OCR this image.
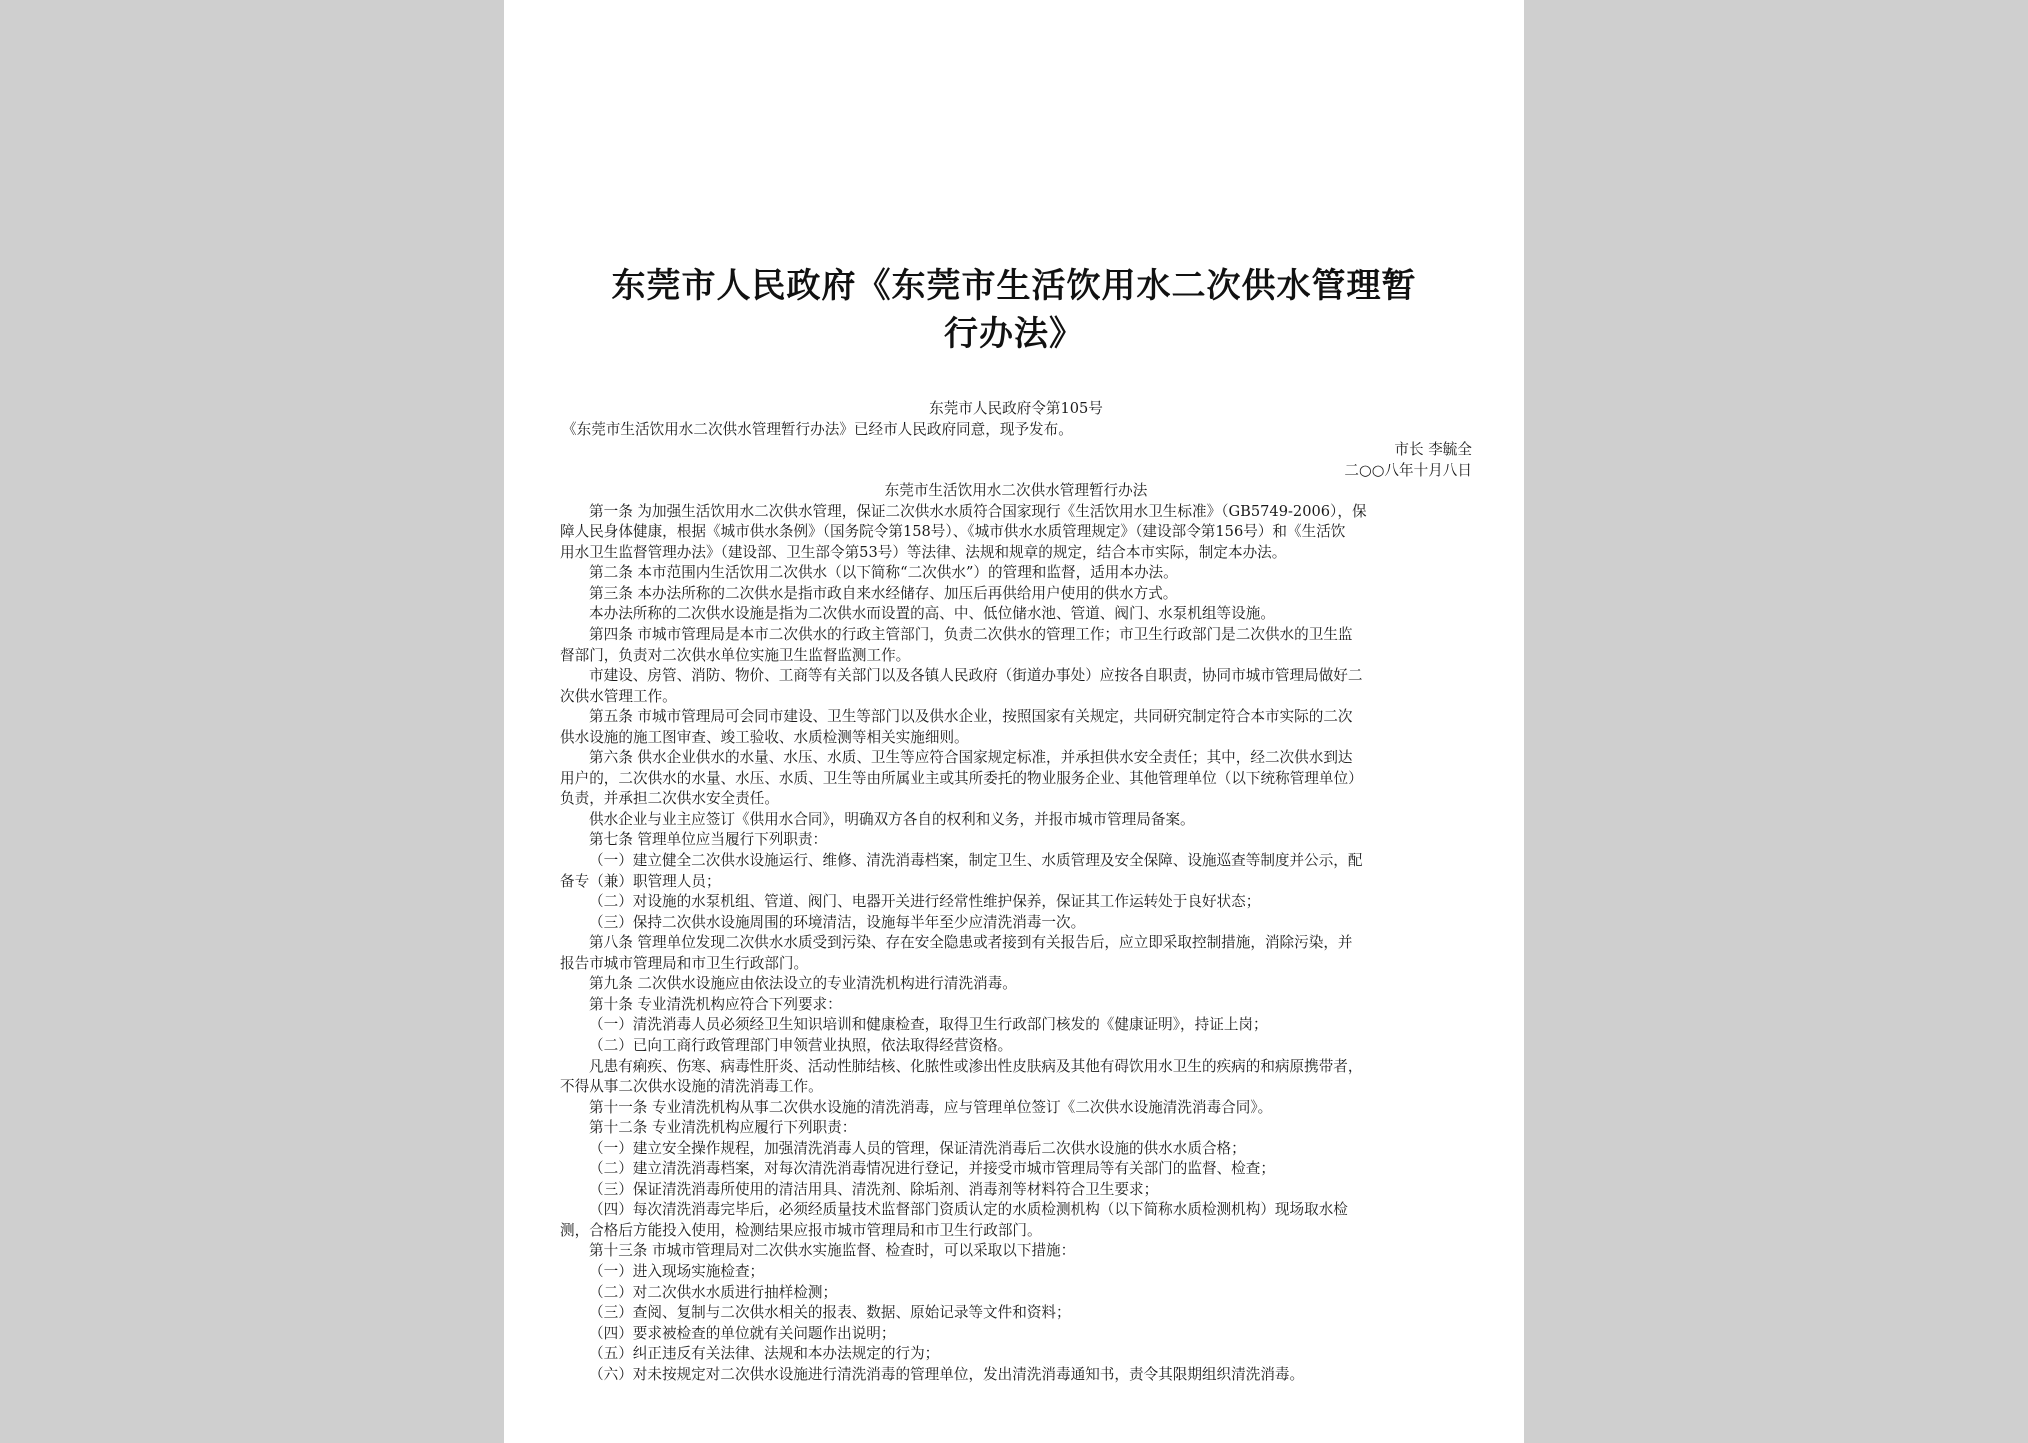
东莞市人民政府《东莞市生活饮用水二次供水管理暂
行办法》
东莞市人民政府令第105号
《东莞市生活饮用水二次供水管理暂行办法》已经市人民政府同意，现予发布。
市长 李毓全
二○○八年十月八日
东莞市生活饮用水二次供水管理暂行办法
第一条 为加强生活饮用水二次供水管理，保证二次供水水质符合国家现行《生活饮用水卫生标准》（GB5749-2006），保
障人民身体健康，根据《城市供水条例》（国务院令第158号）、《城市供水水质管理规定》（建设部令第156号）和《生活饮
用水卫生监督管理办法》（建设部、卫生部令第53号）等法律、法规和规章的规定，结合本市实际，制定本办法。
第二条 本市范围内生活饮用二次供水（以下简称“二次供水”）的管理和监督，适用本办法。
第三条 本办法所称的二次供水是指市政自来水经储存、加压后再供给用户使用的供水方式。
本办法所称的二次供水设施是指为二次供水而设置的高、中、低位储水池、管道、阀门、水泵机组等设施。
第四条 市城市管理局是本市二次供水的行政主管部门，负责二次供水的管理工作；市卫生行政部门是二次供水的卫生监
督部门，负责对二次供水单位实施卫生监督监测工作。
市建设、房管、消防、物价、工商等有关部门以及各镇人民政府（街道办事处）应按各自职责，协同市城市管理局做好二
次供水管理工作。
第五条 市城市管理局可会同市建设、卫生等部门以及供水企业，按照国家有关规定，共同研究制定符合本市实际的二次
供水设施的施工图审查、竣工验收、水质检测等相关实施细则。
第六条 供水企业供水的水量、水压、水质、卫生等应符合国家规定标准，并承担供水安全责任；其中，经二次供水到达
用户的，二次供水的水量、水压、水质、卫生等由所属业主或其所委托的物业服务企业、其他管理单位（以下统称管理单位）
负责，并承担二次供水安全责任。
供水企业与业主应签订《供用水合同》，明确双方各自的权利和义务，并报市城市管理局备案。
第七条 管理单位应当履行下列职责：
（一）建立健全二次供水设施运行、维修、清洗消毒档案，制定卫生、水质管理及安全保障、设施巡查等制度并公示，配
备专（兼）职管理人员；
（二）对设施的水泵机组、管道、阀门、电器开关进行经常性维护保养，保证其工作运转处于良好状态；
（三）保持二次供水设施周围的环境清洁，设施每半年至少应清洗消毒一次。
第八条 管理单位发现二次供水水质受到污染、存在安全隐患或者接到有关报告后，应立即采取控制措施，消除污染，并
报告市城市管理局和市卫生行政部门。
第九条 二次供水设施应由依法设立的专业清洗机构进行清洗消毒。
第十条 专业清洗机构应符合下列要求：
（一）清洗消毒人员必须经卫生知识培训和健康检查，取得卫生行政部门核发的《健康证明》，持证上岗；
（二）已向工商行政管理部门申领营业执照，依法取得经营资格。
凡患有痢疾、伤寒、病毒性肝炎、活动性肺结核、化脓性或渗出性皮肤病及其他有碍饮用水卫生的疾病的和病原携带者，
不得从事二次供水设施的清洗消毒工作。
第十一条 专业清洗机构从事二次供水设施的清洗消毒，应与管理单位签订《二次供水设施清洗消毒合同》。
第十二条 专业清洗机构应履行下列职责：
（一）建立安全操作规程，加强清洗消毒人员的管理，保证清洗消毒后二次供水设施的供水水质合格；
（二）建立清洗消毒档案，对每次清洗消毒情况进行登记，并接受市城市管理局等有关部门的监督、检查；
（三）保证清洗消毒所使用的清洁用具、清洗剂、除垢剂、消毒剂等材料符合卫生要求；
（四）每次清洗消毒完毕后，必须经质量技术监督部门资质认定的水质检测机构（以下简称水质检测机构）现场取水检
测，合格后方能投入使用，检测结果应报市城市管理局和市卫生行政部门。
第十三条 市城市管理局对二次供水实施监督、检查时，可以采取以下措施：
（一）进入现场实施检查；
（二）对二次供水水质进行抽样检测；
（三）查阅、复制与二次供水相关的报表、数据、原始记录等文件和资料；
（四）要求被检查的单位就有关问题作出说明；
（五）纠正违反有关法律、法规和本办法规定的行为；
（六）对未按规定对二次供水设施进行清洗消毒的管理单位，发出清洗消毒通知书，责令其限期组织清洗消毒。
